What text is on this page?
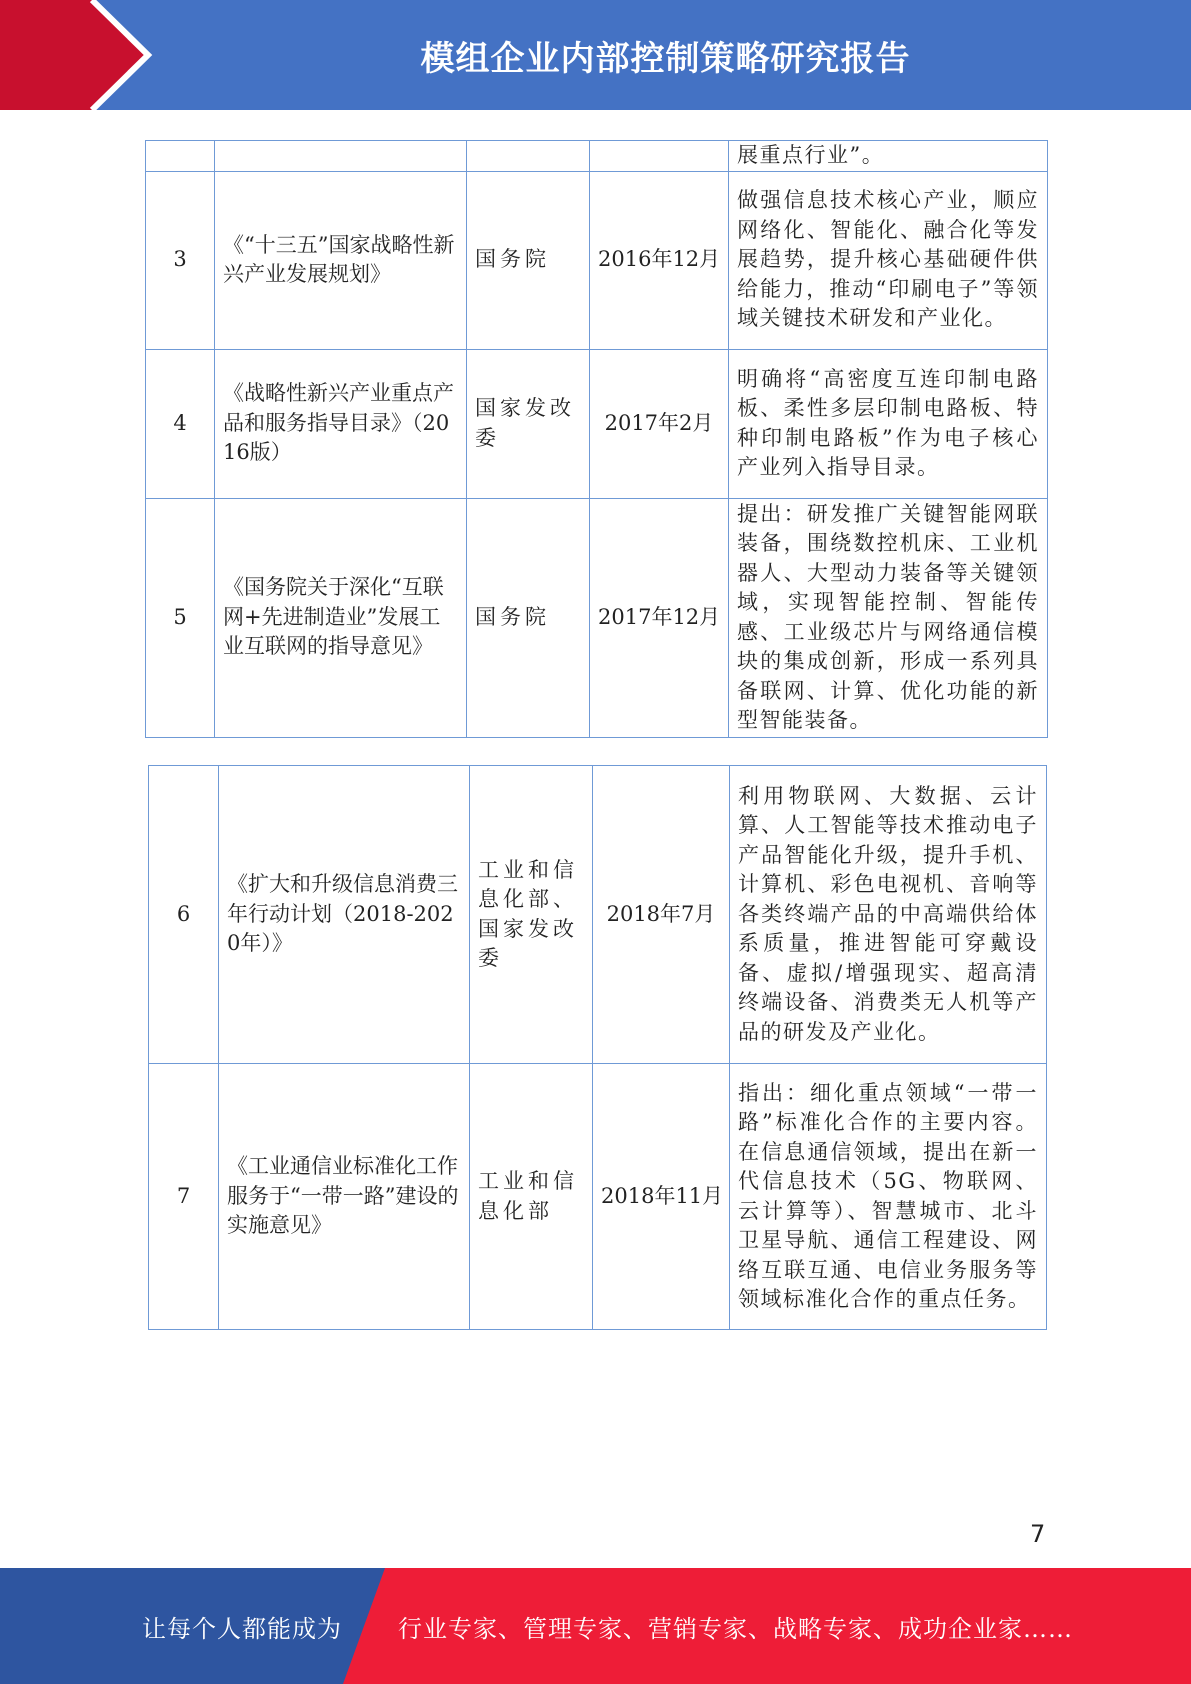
模组企业内部控制策略研究报告
				展重点行业”。
3	《“十三五”国家战略性新兴产业发展规划》	国务院	2016年12月	做强信息技术核心产业，顺应网络化、智能化、融合化等发展趋势，提升核心基础硬件供给能力，推动“印刷电子”等领域关键技术研发和产业化。
4	《战略性新兴产业重点产品和服务指导目录》（2016版）	国家发改委	2017年2月	明确将“高密度互连印制电路板、柔性多层印制电路板、特种印制电路板”作为电子核心产业列入指导目录。
5	《国务院关于深化“互联网+先进制造业”发展工业互联网的指导意见》	国务院	2017年12月	提出：研发推广关键智能网联装备，围绕数控机床、工业机器人、大型动力装备等关键领域，实现智能控制、智能传感、工业级芯片与网络通信模块的集成创新，形成一系列具备联网、计算、优化功能的新型智能装备。
6	《扩大和升级信息消费三年行动计划（2018-2020年）》	工业和信息化部、国家发改委	2018年7月	利用物联网、大数据、云计算、人工智能等技术推动电子产品智能化升级，提升手机、计算机、彩色电视机、音响等各类终端产品的中高端供给体系质量，推进智能可穿戴设备、虚拟/增强现实、超高清终端设备、消费类无人机等产品的研发及产业化。
7	《工业通信业标准化工作服务于“一带一路”建设的实施意见》	工业和信息化部	2018年11月	指出：细化重点领域“一带一路”标准化合作的主要内容。在信息通信领域，提出在新一代信息技术（5G、物联网、云计算等）、智慧城市、北斗卫星导航、通信工程建设、网络互联互通、电信业务服务等领域标准化合作的重点任务。
7
让每个人都能成为 行业专家、管理专家、营销专家、战略专家、成功企业家……
